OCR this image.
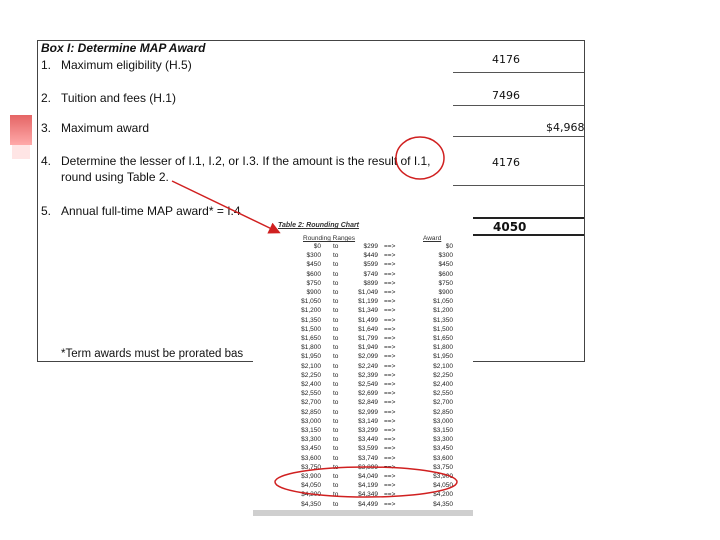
Box I: Determine MAP Award
1. Maximum eligibility (H.5)	4176
2. Tuition and fees (H.1)	7496
3. Maximum award	$4,968
4. Determine the lesser of I.1, I.2, or I.3. If the amount is the result of I.1,
round using Table 2.
4176
5. Annual full-time MAP award* = I.4
4050
*Term awards must be prorated bas
Table 2: Rounding Chart
Rounding Ranges	Award
$0 to	$299 ==>	$0
$300 to	$449 ==>	$300
$450 to	$599 ==>	$450
$600 to	$749 ==>	$600
$750 to	$899 ==>	$750
$900 to	$1,049 ==>	$900
$1,050 to	$1,199 ==>	$1,050
$1,200 to	$1,349 ==>	$1,200
$1,350 to	$1,499 ==>	$1,350
$1,500 to	$1,649 ==>	$1,500
$1,650 to	$1,799 ==>	$1,650
$1,800 to	$1,949 ==>	$1,800
$1,950 to	$2,099 ==>	$1,950
$2,100 to	$2,249 ==>	$2,100
$2,250 to	$2,399 ==>	$2,250
$2,400 to	$2,549 ==>	$2,400
$2,550 to	$2,699 ==>	$2,550
$2,700 to	$2,849 ==>	$2,700
$2,850 to	$2,999 ==>	$2,850
$3,000 to	$3,149 ==>	$3,000
$3,150 to	$3,299 ==>	$3,150
$3,300 to	$3,449 ==>	$3,300
$3,450 to	$3,599 ==>	$3,450
$3,600 to	$3,749 ==>	$3,600
$3,750 to	$3,899 ==>	$3,750
$3,900 to	$4,049 ==>	$3,900
$4,050 to	$4,199 ==>	$4,050
$4,200 to	$4,349 ==>	$4,200
$4,350 to	$4,499 ==>	$4,350
